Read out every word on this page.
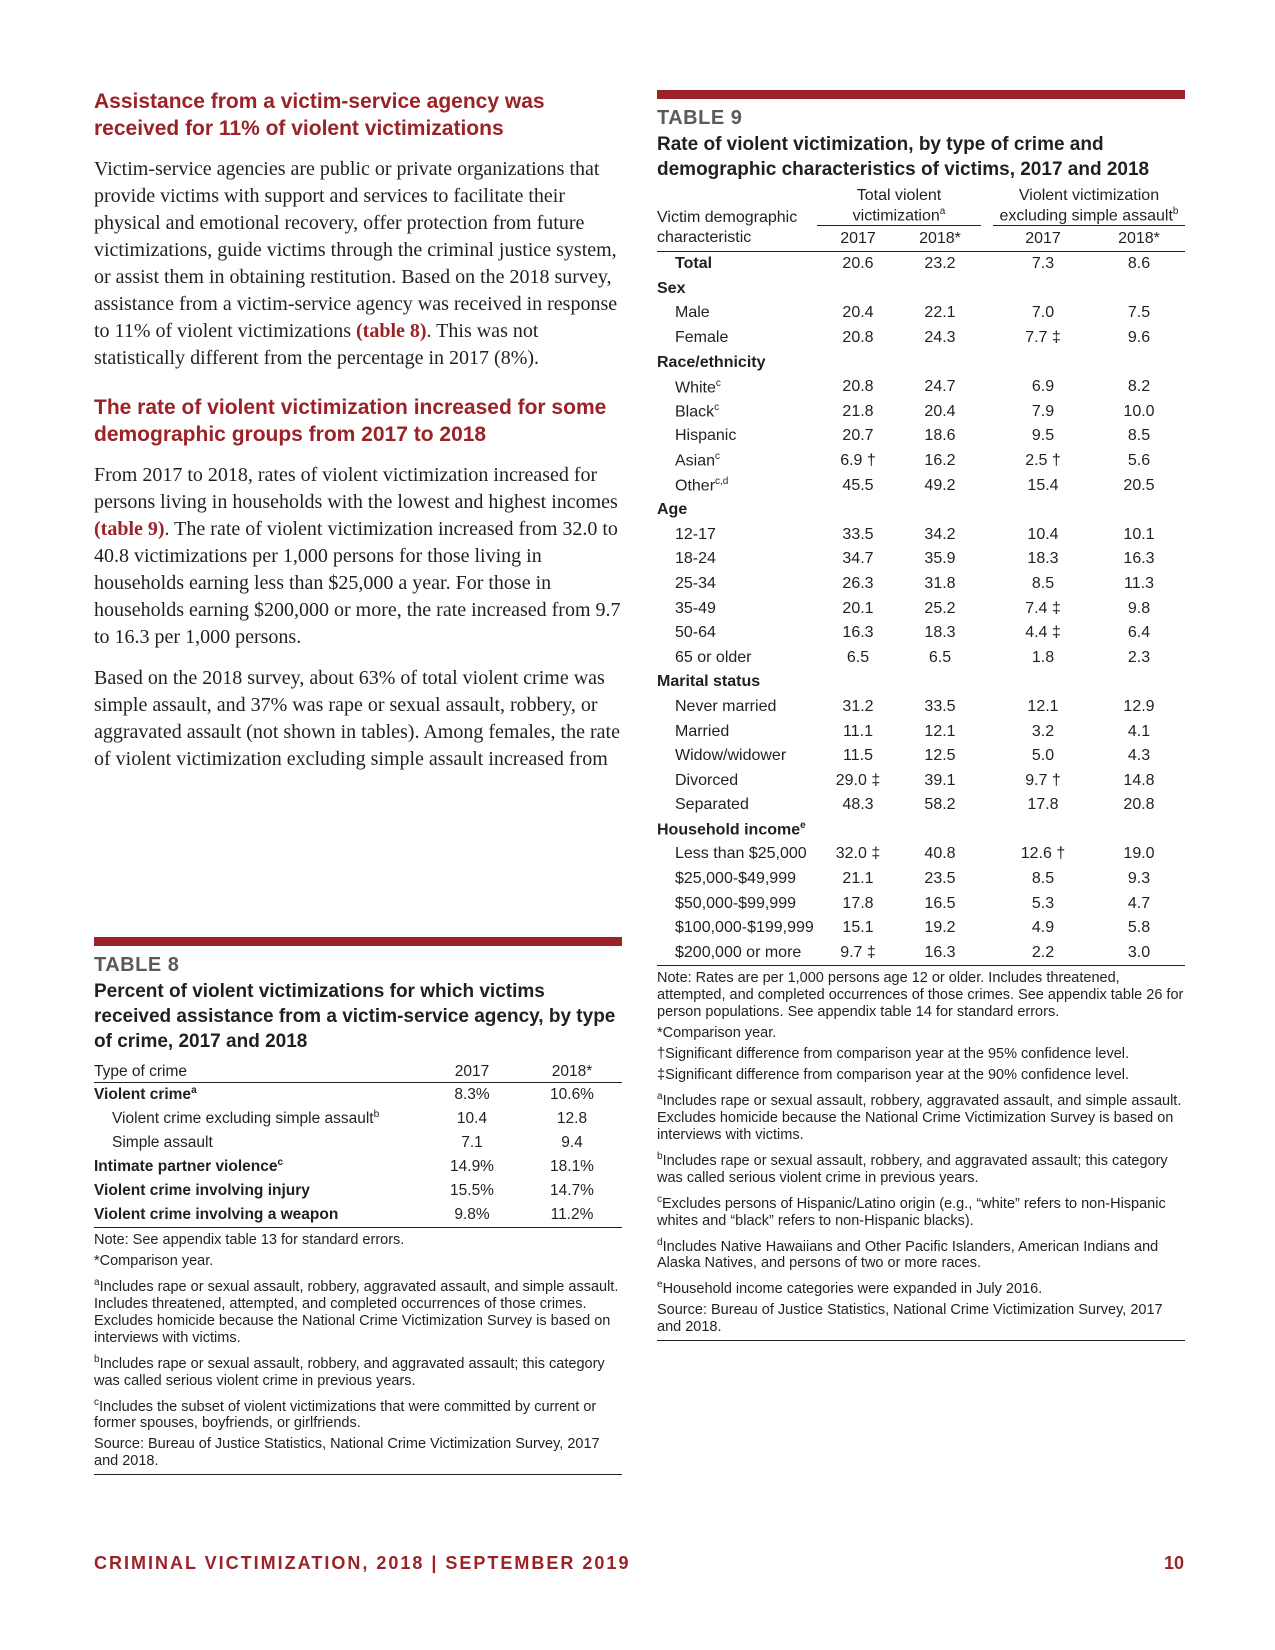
Assistance from a victim-service agency was received for 11% of violent victimizations

Victim-service agencies are public or private organizations that provide victims with support and services to facilitate their physical and emotional recovery, offer protection from future victimizations, guide victims through the criminal justice system, or assist them in obtaining restitution. Based on the 2018 survey, assistance from a victim-service agency was received in response to 11% of violent victimizations (table 8). This was not statistically different from the percentage in 2017 (8%).

The rate of violent victimization increased for some demographic groups from 2017 to 2018

From 2017 to 2018, rates of violent victimization increased for persons living in households with the lowest and highest incomes (table 9). The rate of violent victimization increased from 32.0 to 40.8 victimizations per 1,000 persons for those living in households earning less than $25,000 a year. For those in households earning $200,000 or more, the rate increased from 9.7 to 16.3 per 1,000 persons.

Based on the 2018 survey, about 63% of total violent crime was simple assault, and 37% was rape or sexual assault, robbery, or aggravated assault (not shown in tables). Among females, the rate of violent victimization excluding simple assault increased from

TABLE 8
Percent of violent victimizations for which victims received assistance from a victim-service agency, by type of crime, 2017 and 2018
Type of crime	2017	2018*
Violent crime$^a$	8.3%	10.6%
Violent crime excluding simple assault$^b$	10.4	12.8
Simple assault	7.1	9.4
Intimate partner violence$^c$	14.9%	18.1%
Violent crime involving injury	15.5%	14.7%
Violent crime involving a weapon	9.8%	11.2%
Note: See appendix table 13 for standard errors.
*Comparison year.
$^a$Includes rape or sexual assault, robbery, aggravated assault, and simple assault. Includes threatened, attempted, and completed occurrences of those crimes. Excludes homicide because the National Crime Victimization Survey is based on interviews with victims.
$^b$Includes rape or sexual assault, robbery, and aggravated assault; this category was called serious violent crime in previous years.
$^c$Includes the subset of violent victimizations that were committed by current or former spouses, boyfriends, or girlfriends.
Source: Bureau of Justice Statistics, National Crime Victimization Survey, 2017 and 2018.
TABLE 9
Rate of violent victimization, by type of crime and demographic characteristics of victims, 2017 and 2018
Victim demographic	Total violent
victimization$^a$			Violent victimization
excluding simple assault$^b$
characteristic	2017	2018*		2017	2018*
Total	20.6	23.2		7.3	8.6
Sex					
Male	20.4	22.1		7.0	7.5
Female	20.8	24.3		7.7 ‡	9.6
Race/ethnicity					
White$^c$	20.8	24.7		6.9	8.2
Black$^c$	21.8	20.4		7.9	10.0
Hispanic	20.7	18.6		9.5	8.5
Asian$^c$	6.9 †	16.2		2.5 †	5.6
Other$^{c,d}$	45.5	49.2		15.4	20.5
Age					
12-17	33.5	34.2		10.4	10.1
18-24	34.7	35.9		18.3	16.3
25-34	26.3	31.8		8.5	11.3
35-49	20.1	25.2		7.4 ‡	9.8
50-64	16.3	18.3		4.4 ‡	6.4
65 or older	6.5	6.5		1.8	2.3
Marital status					
Never married	31.2	33.5		12.1	12.9
Married	11.1	12.1		3.2	4.1
Widow/widower	11.5	12.5		5.0	4.3
Divorced	29.0 ‡	39.1		9.7 †	14.8
Separated	48.3	58.2		17.8	20.8
Household income$^e$					
Less than $25,000	32.0 ‡	40.8		12.6 †	19.0
$25,000-$49,999	21.1	23.5		8.5	9.3
$50,000-$99,999	17.8	16.5		5.3	4.7
$100,000-$199,999	15.1	19.2		4.9	5.8
$200,000 or more	9.7 ‡	16.3		2.2	3.0
Note: Rates are per 1,000 persons age 12 or older. Includes threatened, attempted, and completed occurrences of those crimes. See appendix table 26 for person populations. See appendix table 14 for standard errors.
*Comparison year.
†Significant difference from comparison year at the 95% confidence level.
‡Significant difference from comparison year at the 90% confidence level.
$^a$Includes rape or sexual assault, robbery, aggravated assault, and simple assault. Excludes homicide because the National Crime Victimization Survey is based on interviews with victims.
$^b$Includes rape or sexual assault, robbery, and aggravated assault; this category was called serious violent crime in previous years.
$^c$Excludes persons of Hispanic/Latino origin (e.g., “white” refers to non-Hispanic whites and “black” refers to non-Hispanic blacks).
$^d$Includes Native Hawaiians and Other Pacific Islanders, American Indians and Alaska Natives, and persons of two or more races.
$^e$Household income categories were expanded in July 2016.
Source: Bureau of Justice Statistics, National Crime Victimization Survey, 2017 and 2018.
CRIMINAL VICTIMIZATION, 2018 | SEPTEMBER 2019	10
